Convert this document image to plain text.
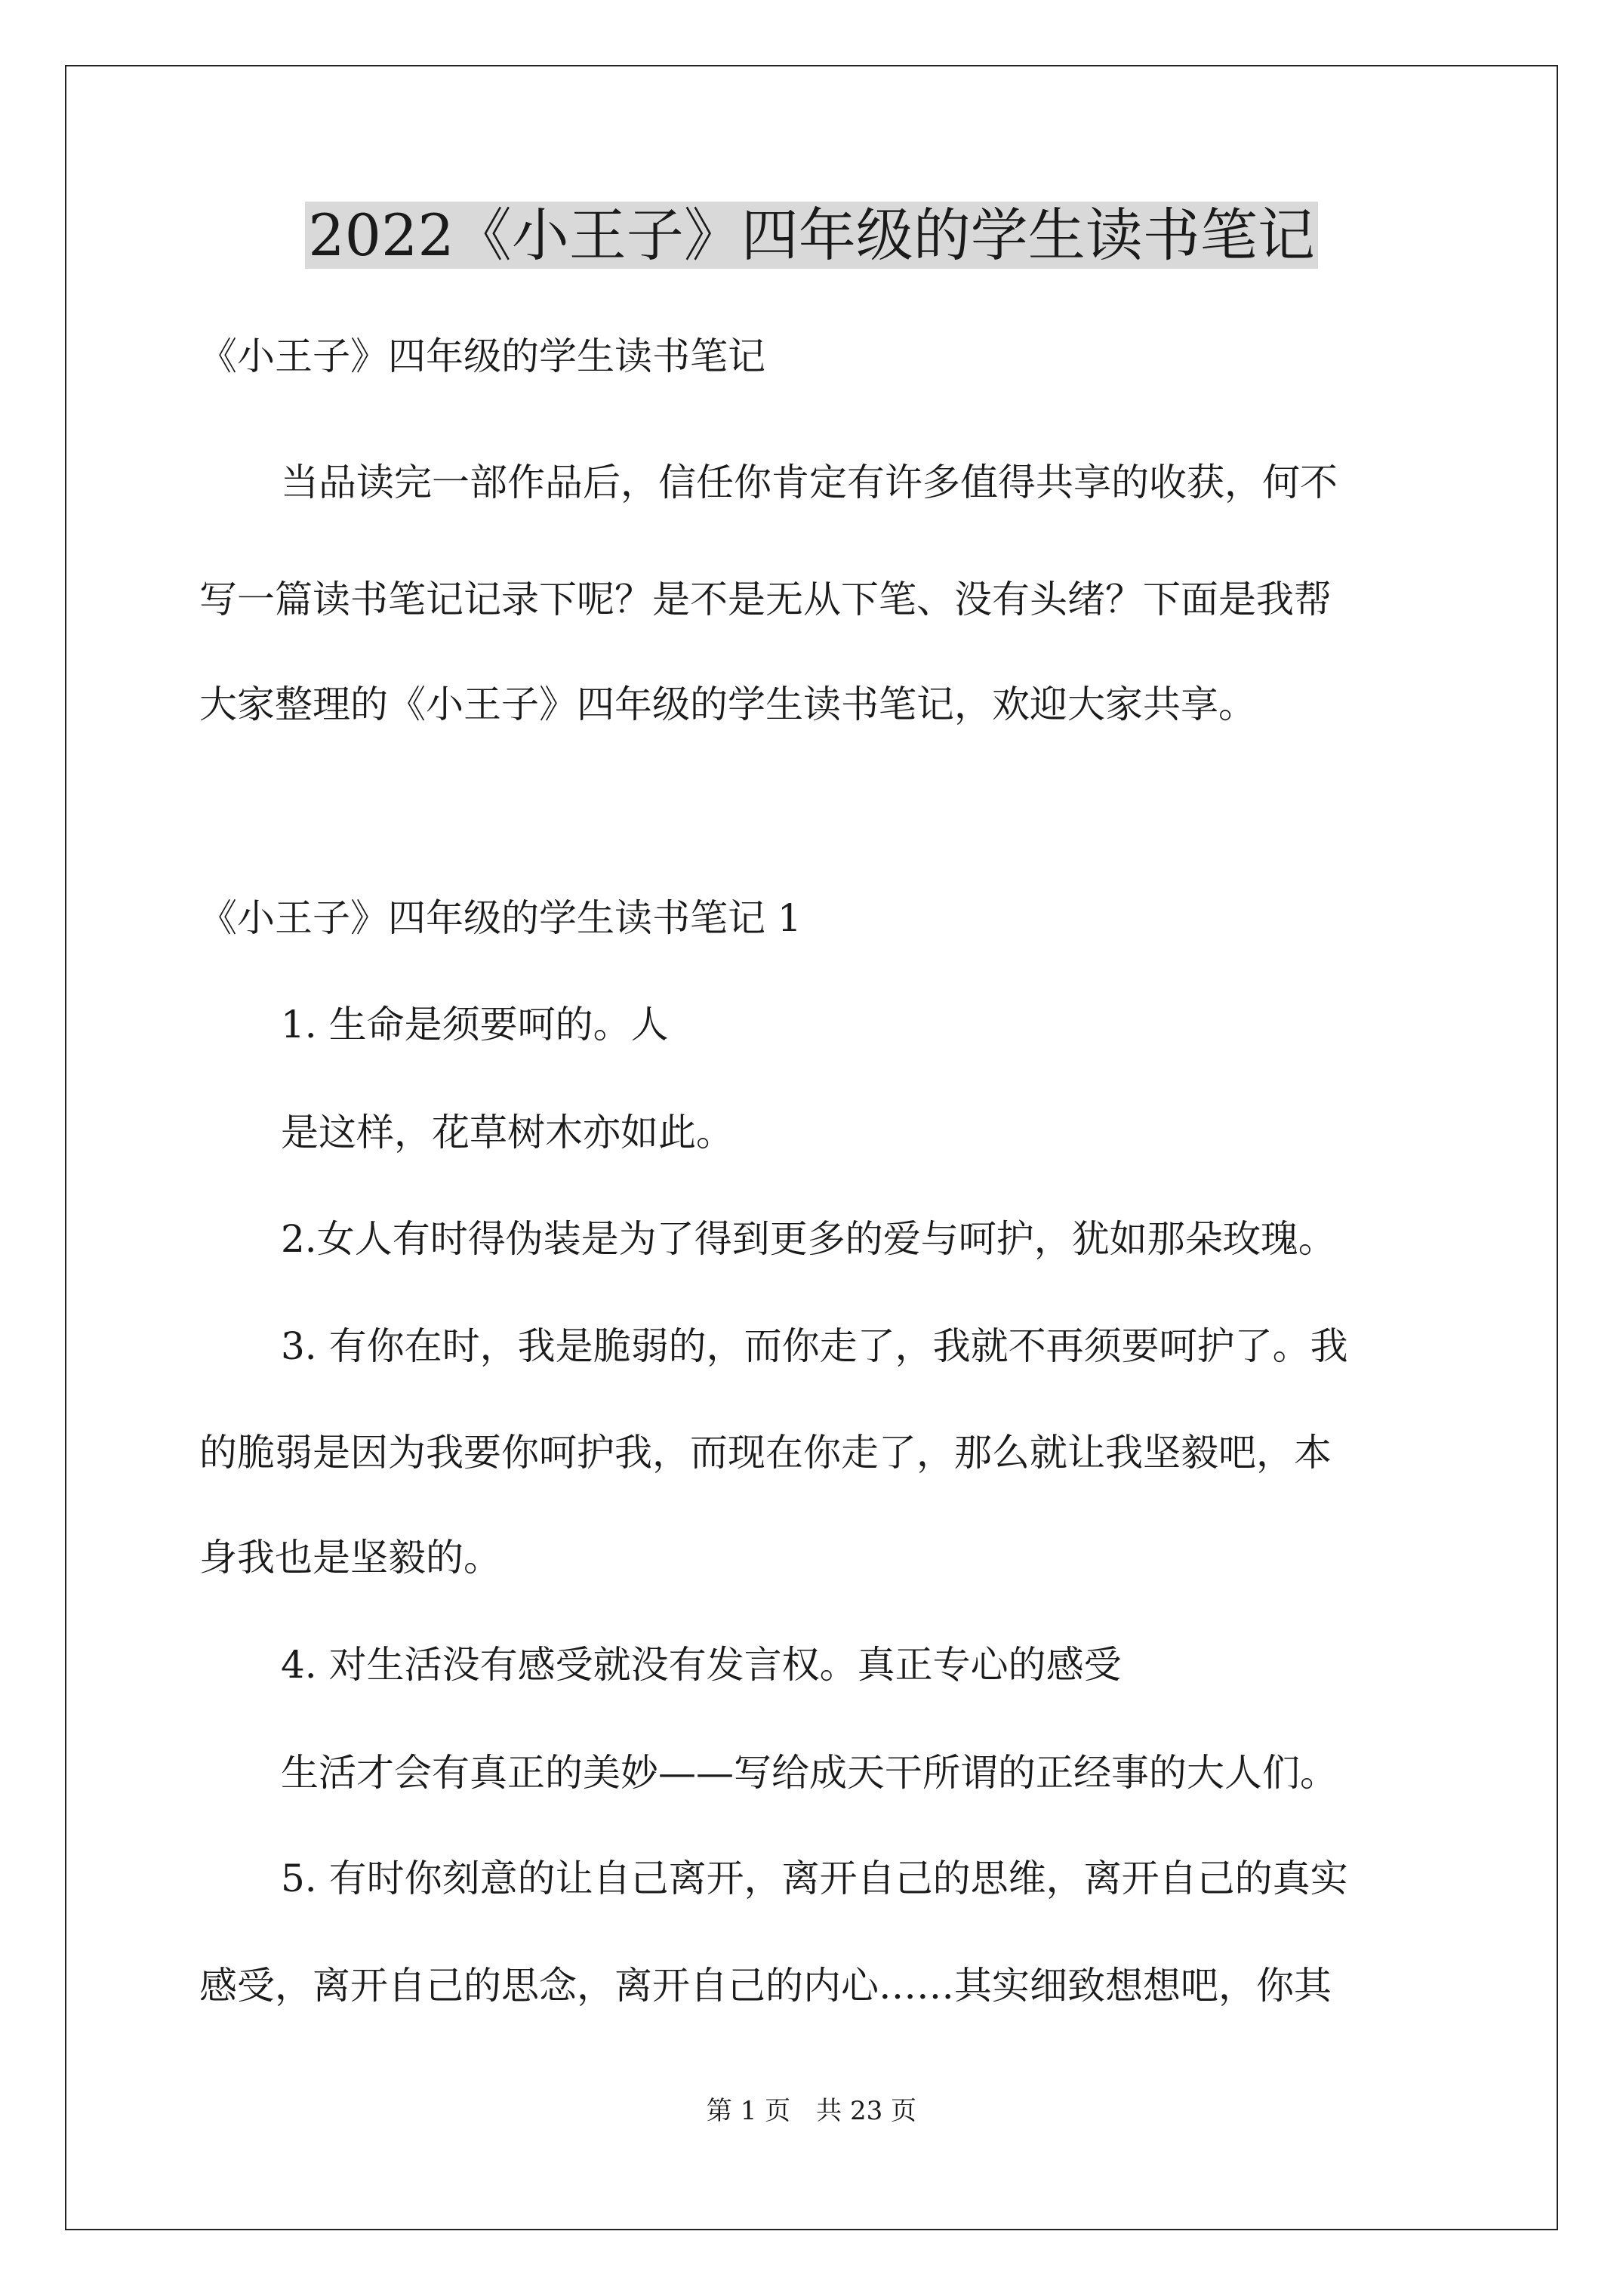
2022《小王子》四年级的学生读书笔记
《小王子》四年级的学生读书笔记
当品读完一部作品后，信任你肯定有许多值得共享的收获，何不
写一篇读书笔记记录下呢？是不是无从下笔、没有头绪？下面是我帮
大家整理的《小王子》四年级的学生读书笔记，欢迎大家共享。
《小王子》四年级的学生读书笔记 1
1. 生命是须要呵的。人
是这样，花草树木亦如此。
2.女人有时得伪装是为了得到更多的爱与呵护，犹如那朵玫瑰。
3. 有你在时，我是脆弱的，而你走了，我就不再须要呵护了。我
的脆弱是因为我要你呵护我，而现在你走了，那么就让我坚毅吧，本
身我也是坚毅的。
4. 对生活没有感受就没有发言权。真正专心的感受
生活才会有真正的美妙——写给成天干所谓的正经事的大人们。
5. 有时你刻意的让自己离开，离开自己的思维，离开自己的真实
感受，离开自己的思念，离开自己的内心……其实细致想想吧，你其
第 1 页　共 23 页
